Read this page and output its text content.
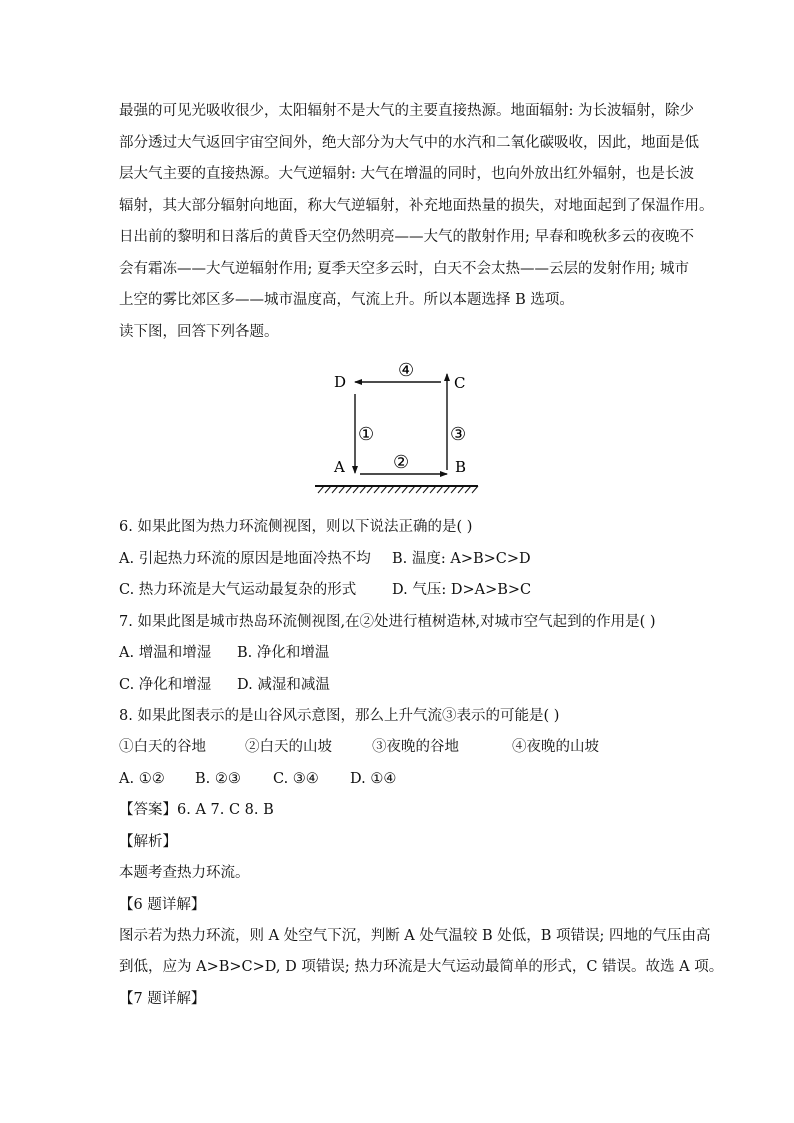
最强的可见光吸收很少，太阳辐射不是大气的主要直接热源。地面辐射: 为长波辐射，除少
部分透过大气返回宇宙空间外，绝大部分为大气中的水汽和二氧化碳吸收，因此，地面是低
层大气主要的直接热源。大气逆辐射: 大气在增温的同时，也向外放出红外辐射，也是长波
辐射，其大部分辐射向地面，称大气逆辐射，补充地面热量的损失，对地面起到了保温作用。
日出前的黎明和日落后的黄昏天空仍然明亮——大气的散射作用; 早春和晚秋多云的夜晚不
会有霜冻——大气逆辐射作用; 夏季天空多云时，白天不会太热——云层的发射作用; 城市
上空的雾比郊区多——城市温度高，气流上升。所以本题选择 B 选项。
读下图，回答下列各题。
D	C
A	B
④
①	③
②
6. 如果此图为热力环流侧视图，则以下说法正确的是( )
A. 引起热力环流的原因是地面冷热不均 B. 温度: A>B>C>D
C. 热力环流是大气运动最复杂的形式 D. 气压: D>A>B>C
7. 如果此图是城市热岛环流侧视图,在②处进行植树造林,对城市空气起到的作用是( )
A. 增温和增湿 B. 净化和增温
C. 净化和增湿 D. 减湿和减温
8. 如果此图表示的是山谷风示意图，那么上升气流③表示的可能是( )
①白天的谷地	②白天的山坡	③夜晚的谷地	④夜晚的山坡
A. ①② B. ②③ C. ③④ D. ①④
【答案】6. A 7. C 8. B
【解析】
本题考查热力环流。
【6 题详解】
图示若为热力环流，则 A 处空气下沉，判断 A 处气温较 B 处低，B 项错误; 四地的气压由高
到低，应为 A>B>C>D, D 项错误; 热力环流是大气运动最简单的形式，C 错误。故选 A 项。
【7 题详解】
